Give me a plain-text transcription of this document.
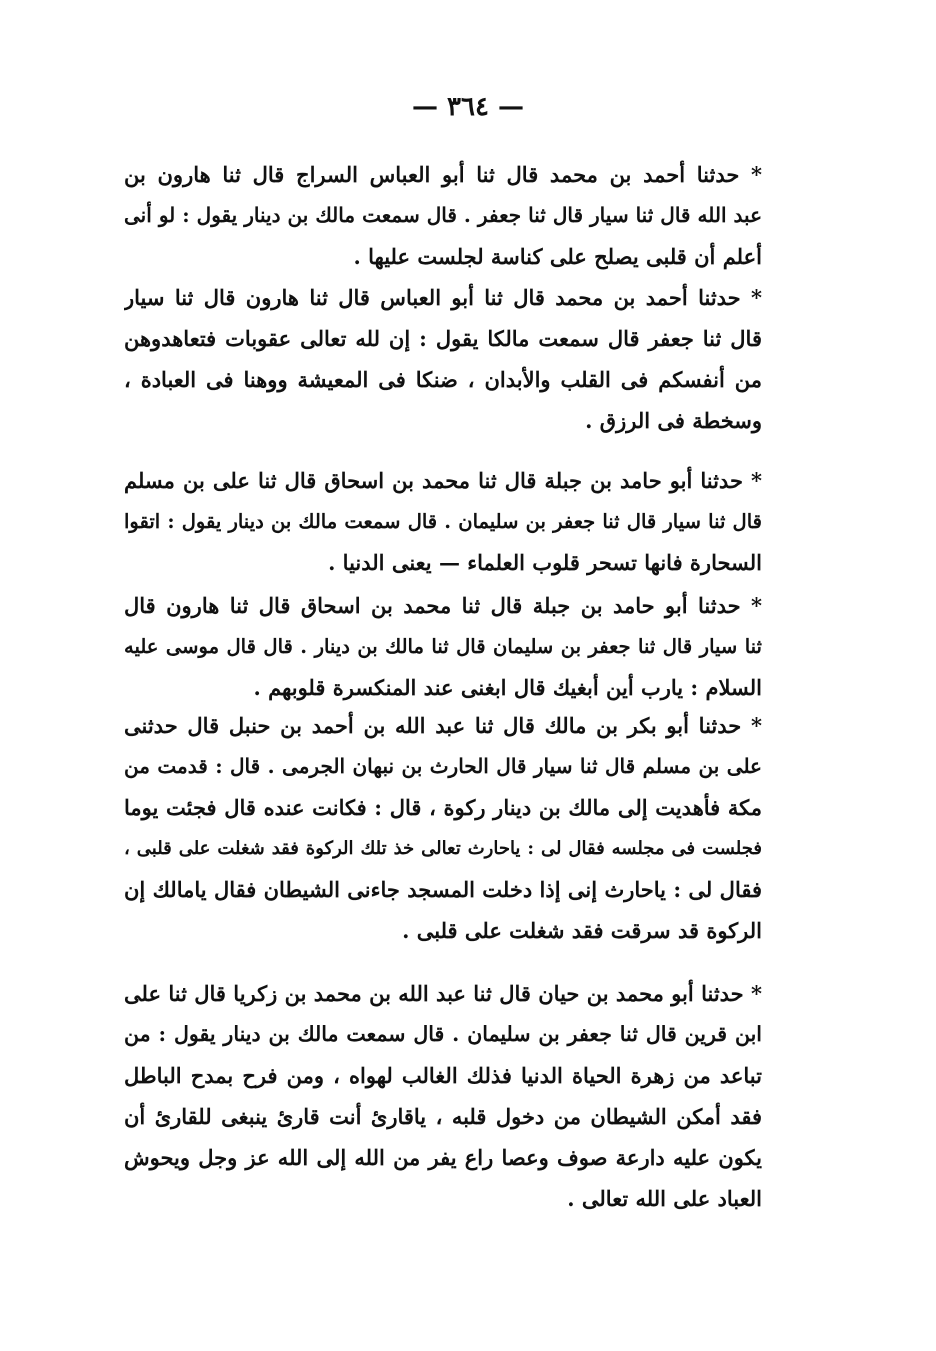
— ٣٦٤ —
* حدثنا أحمد بن محمد قال ثنا أبو العباس السراج قال ثنا هارون بن
عبد الله قال ثنا سيار قال ثنا جعفر . قال سمعت مالك بن دينار يقول : لو أنى
أعلم أن قلبى يصلح على كناسة لجلست عليها .
* حدثنا أحمد بن محمد قال ثنا أبو العباس قال ثنا هارون قال ثنا سيار
قال ثنا جعفر قال سمعت مالكا يقول : إن لله تعالى عقوبات فتعاهدوهن
من أنفسكم فى القلب والأبدان ، ضنكا فى المعيشة ووهنا فى العبادة ،
وسخطة فى الرزق .
* حدثنا أبو حامد بن جبلة قال ثنا محمد بن اسحاق قال ثنا على بن مسلم
قال ثنا سيار قال ثنا جعفر بن سليمان . قال سمعت مالك بن دينار يقول : اتقوا
السحارة فانها تسحر قلوب العلماء — يعنى الدنيا .
* حدثنا أبو حامد بن جبلة قال ثنا محمد بن اسحاق قال ثنا هارون قال
ثنا سيار قال ثنا جعفر بن سليمان قال ثنا مالك بن دينار . قال قال موسى عليه
السلام : يارب أين أبغيك قال ابغنى عند المنكسرة قلوبهم .
* حدثنا أبو بكر بن مالك قال ثنا عبد الله بن أحمد بن حنبل قال حدثنى
على بن مسلم قال ثنا سيار قال الحارث بن نبهان الجرمى . قال : قدمت من
مكة فأهديت إلى مالك بن دينار ركوة ، قال : فكانت عنده قال فجئت يوما
فجلست فى مجلسه فقال لى : ياحارث تعالى خذ تلك الركوة فقد شغلت على قلبى ،
فقال لى : ياحارث إنى إذا دخلت المسجد جاءنى الشيطان فقال يامالك إن
الركوة قد سرقت فقد شغلت على قلبى .
* حدثنا أبو محمد بن حيان قال ثنا عبد الله بن محمد بن زكريا قال ثنا على
ابن قرين قال ثنا جعفر بن سليمان . قال سمعت مالك بن دينار يقول : من
تباعد من زهرة الحياة الدنيا فذلك الغالب لهواه ، ومن فرح بمدح الباطل
فقد أمكن الشيطان من دخول قلبه ، ياقارئ أنت قارئ ينبغى للقارئ أن
يكون عليه دارعة صوف وعصا راع يفر من الله إلى الله عز وجل ويحوش
العباد على الله تعالى .
